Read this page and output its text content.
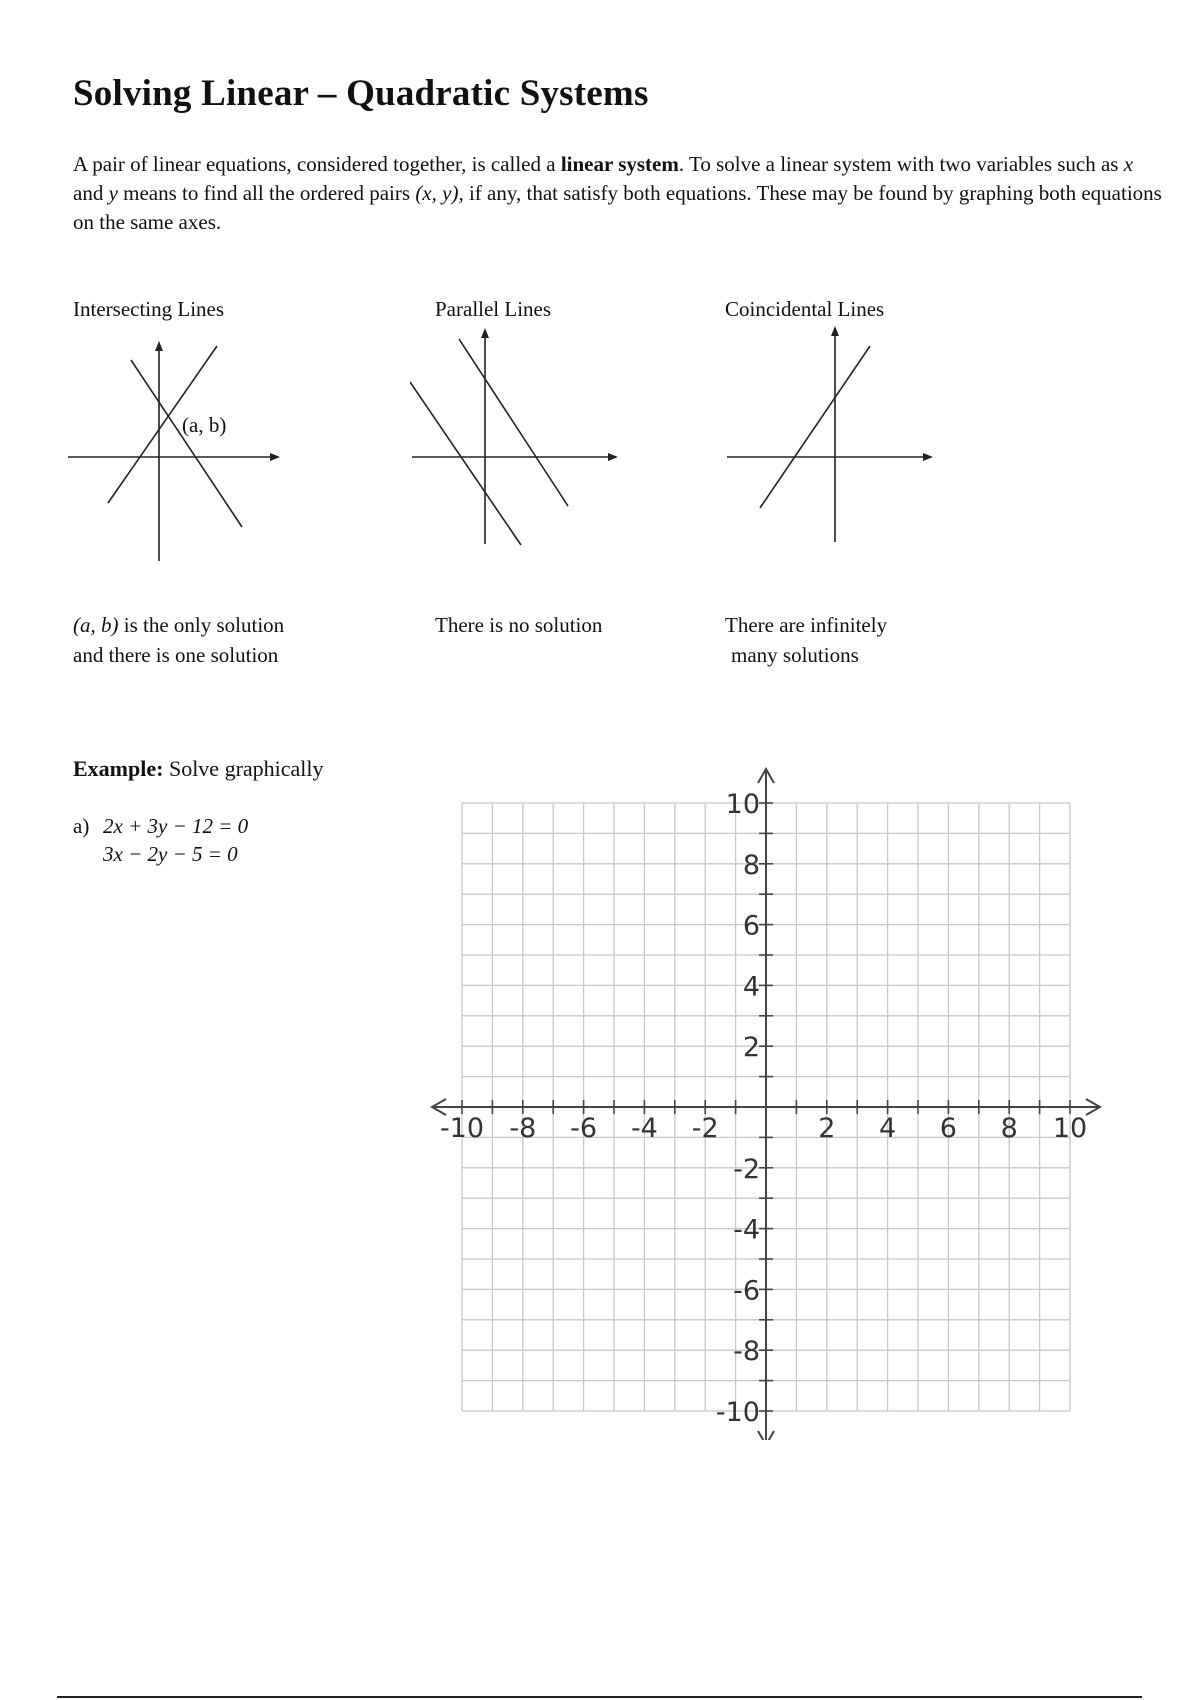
Solving Linear – Quadratic Systems

A pair of linear equations, considered together, is called a linear system. To solve a linear system with two variables such as x and y means to find all the ordered pairs (x, y), if any, that satisfy both equations. These may be found by graphing both equations on the same axes.

Intersecting Lines	Parallel Lines	Coincidental Lines
(a, b)
(a, b) is the only solution
and there is one solution
There is no solution	There are infinitely
many solutions
Example: Solve graphically
a) 2x + 3y − 12 = 0
3x − 2y − 5 = 0
-10 -8 -6 -4 -2	2 4 6 8 10
10
8
6
4
2
-2
-4
-6
-8
-10
